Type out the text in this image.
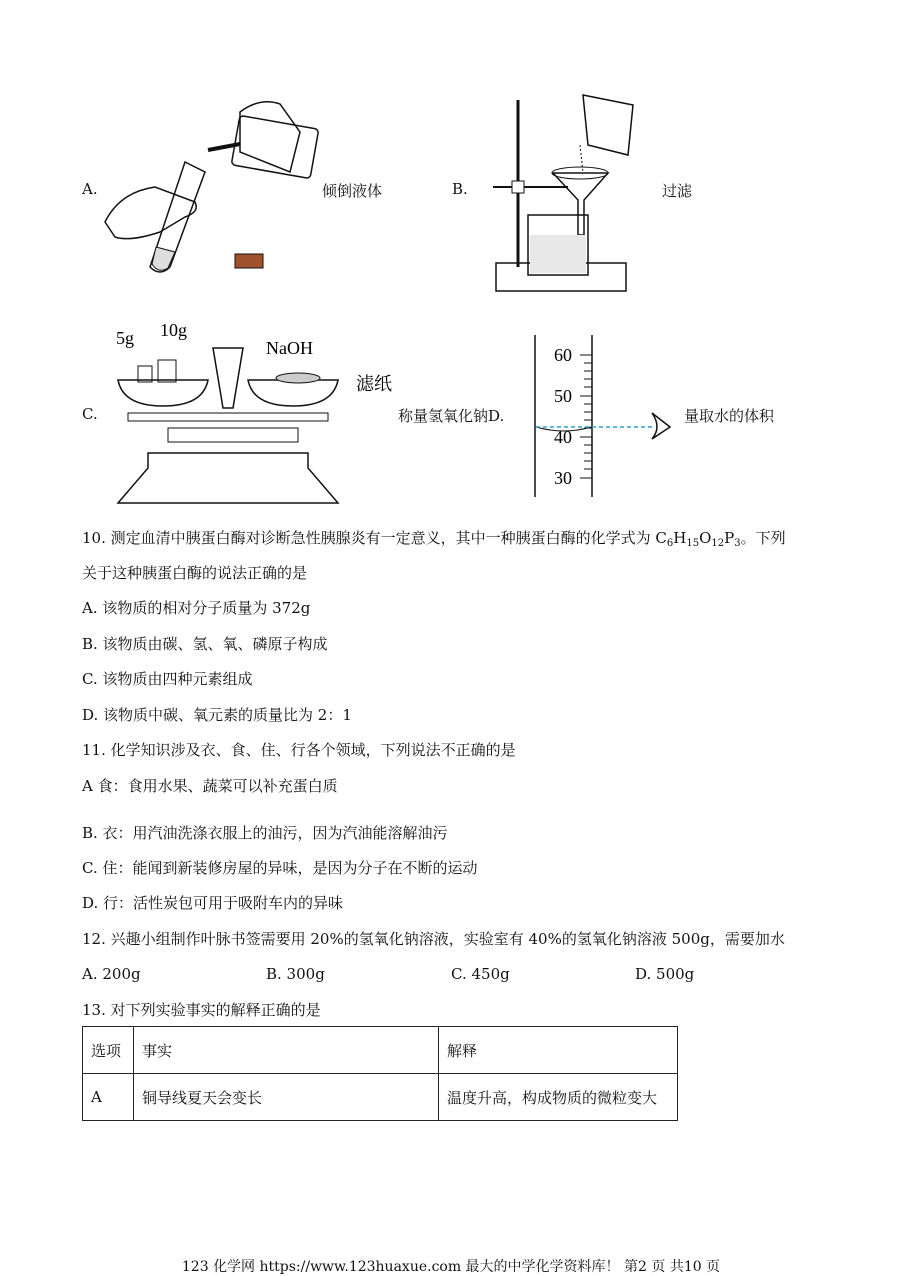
A.	倾倒液体	B.	过滤
C.
5g 10g
NaOH
滤纸
称量氢氧化钠D.
60
50
40
30
量取水的体积
10. 测定血清中胰蛋白酶对诊断急性胰腺炎有一定意义，其中一种胰蛋白酶的化学式为 $C_6H_{15}O_{12}P_3$。下列
关于这种胰蛋白酶的说法正确的是
A. 该物质的相对分子质量为 372g
B. 该物质由碳、氢、氧、磷原子构成
C. 该物质由四种元素组成
D. 该物质中碳、氧元素的质量比为 2：1
11. 化学知识涉及衣、食、住、行各个领域，下列说法不正确的是
A 食：食用水果、蔬菜可以补充蛋白质
B. 衣：用汽油洗涤衣服上的油污，因为汽油能溶解油污
C. 住：能闻到新装修房屋的异味，是因为分子在不断的运动
D. 行：活性炭包可用于吸附车内的异味
12. 兴趣小组制作叶脉书签需要用 20%的氢氧化钠溶液，实验室有 40%的氢氧化钠溶液 500g，需要加水
A. 200g	B. 300g	C. 450g	D. 500g
13. 对下列实验事实的解释正确的是
选项	事实	解释
A	铜导线夏天会变长	温度升高，构成物质的微粒变大
123 化学网 https://www.123huaxue.com 最大的中学化学资料库！ 第2 页 共10 页
